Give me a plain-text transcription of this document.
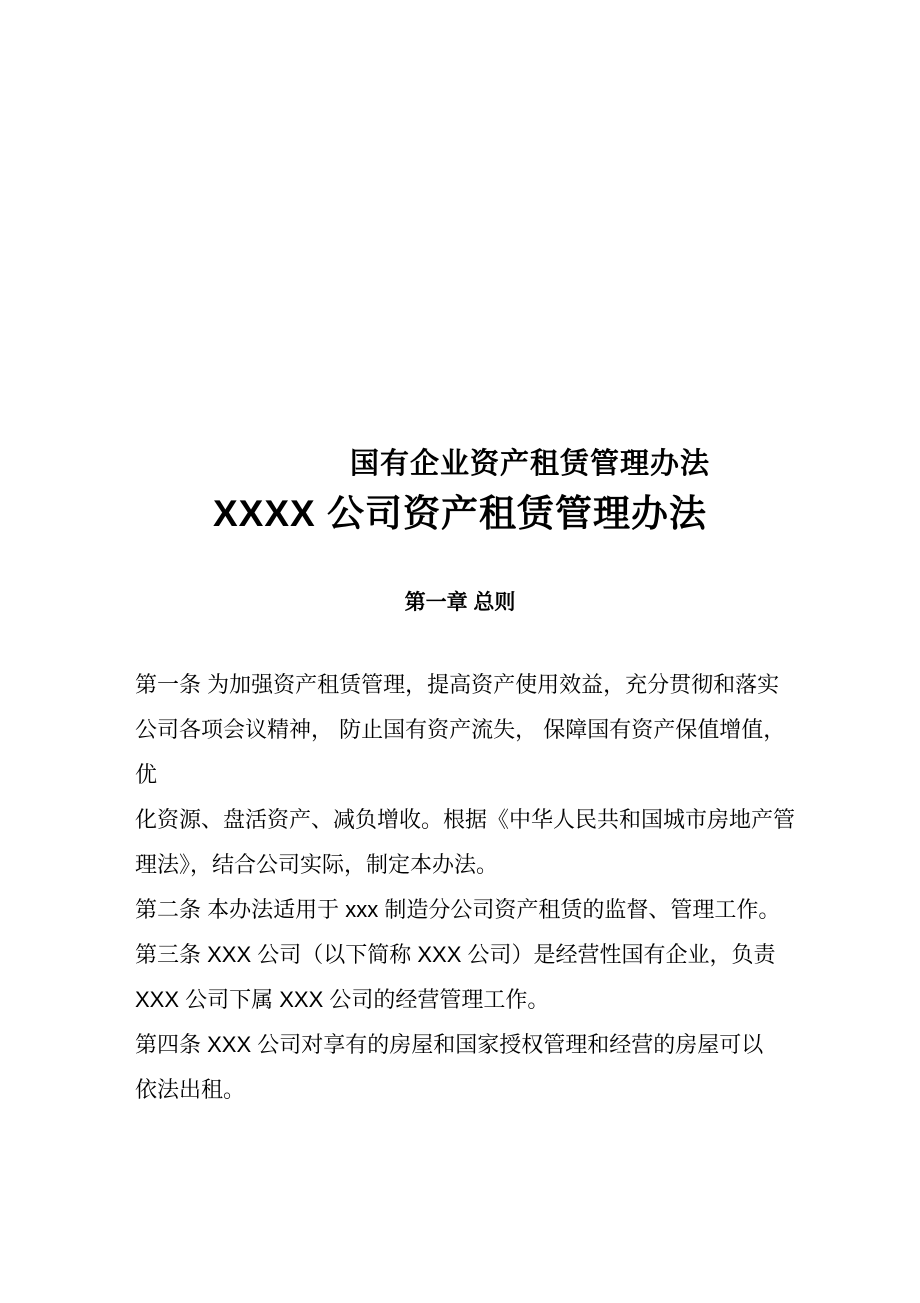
国有企业资产租赁管理办法
XXXX 公司资产租赁管理办法
第一章 总则
第一条 为加强资产租赁管理，提高资产使用效益，充分贯彻和落实
公司各项会议精神， 防止国有资产流失， 保障国有资产保值增值，
优
化资源、盘活资产、减负增收。根据《中华人民共和国城市房地产管
理法》，结合公司实际，制定本办法。
第二条 本办法适用于 xxx 制造分公司资产租赁的监督、管理工作。
第三条 XXX 公司（以下简称 XXX 公司）是经营性国有企业，负责
XXX 公司下属 XXX 公司的经营管理工作。
第四条 XXX 公司对享有的房屋和国家授权管理和经营的房屋可以
依法出租。
